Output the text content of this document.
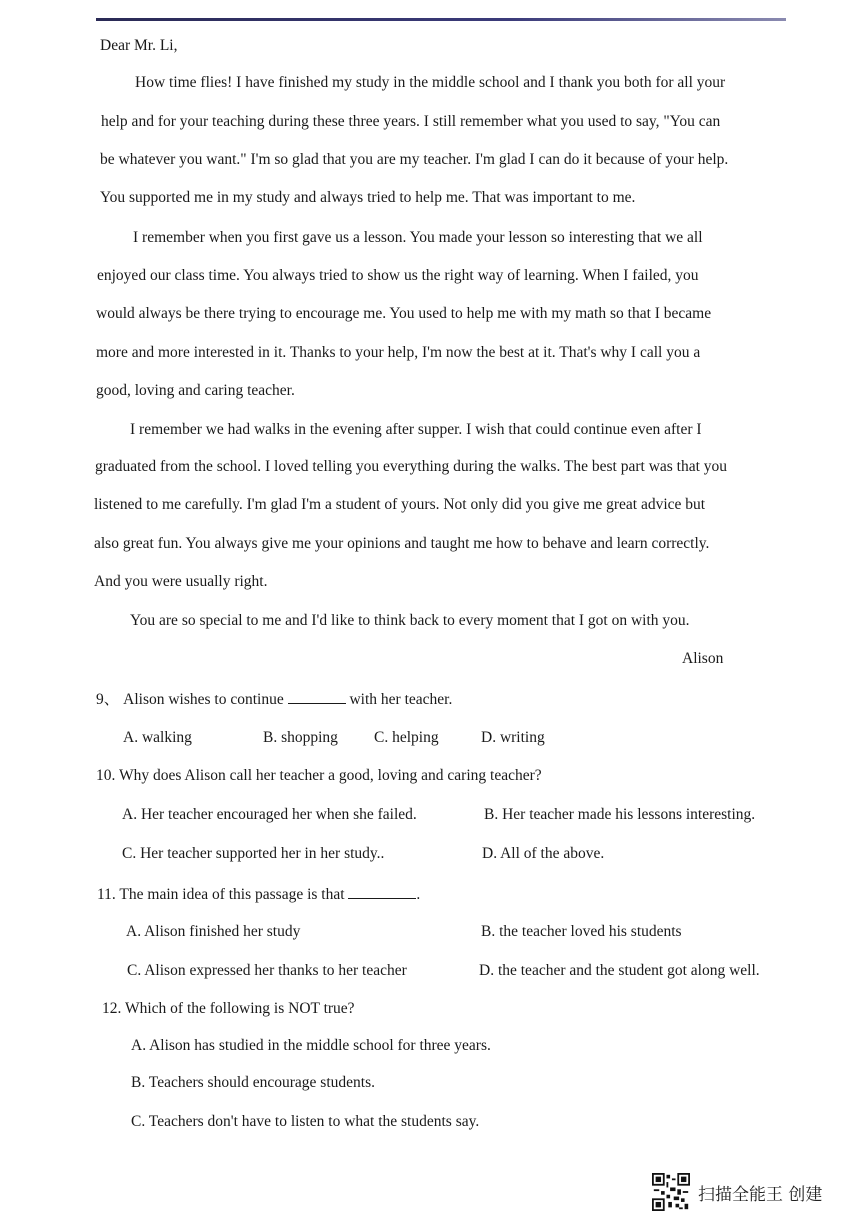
Dear Mr. Li,
How time flies! I have finished my study in the middle school and I thank you both for all your
help and for your teaching during these three years. I still remember what you used to say, "You can
be whatever you want." I'm so glad that you are my teacher. I'm glad I can do it because of your help.
You supported me in my study and always tried to help me. That was important to me.
I remember when you first gave us a lesson. You made your lesson so interesting that we all
enjoyed our class time. You always tried to show us the right way of learning. When I failed, you
would always be there trying to encourage me. You used to help me with my math so that I became
more and more interested in it. Thanks to your help, I'm now the best at it. That's why I call you a
good, loving and caring teacher.
I remember we had walks in the evening after supper. I wish that could continue even after I
graduated from the school. I loved telling you everything during the walks. The best part was that you
listened to me carefully. I'm glad I'm a student of yours. Not only did you give me great advice but
also great fun. You always give me your opinions and taught me how to behave and learn correctly.
And you were usually right.
You are so special to me and I'd like to think back to every moment that I got on with you.
Alison
9、 Alison wishes to continue	with her teacher.
A. walking	B. shopping C. helping	D. writing
10. Why does Alison call her teacher a good, loving and caring teacher?
A. Her teacher encouraged her when she failed.	B. Her teacher made his lessons interesting.
C. Her teacher supported her in her study..	D. All of the above.
11. The main idea of this passage is that	.
A. Alison finished her study	B. the teacher loved his students
C. Alison expressed her thanks to her teacher	D. the teacher and the student got along well.
12. Which of the following is NOT true?
A. Alison has studied in the middle school for three years.
B. Teachers should encourage students.
C. Teachers don't have to listen to what the students say.
扫描全能王 创建
